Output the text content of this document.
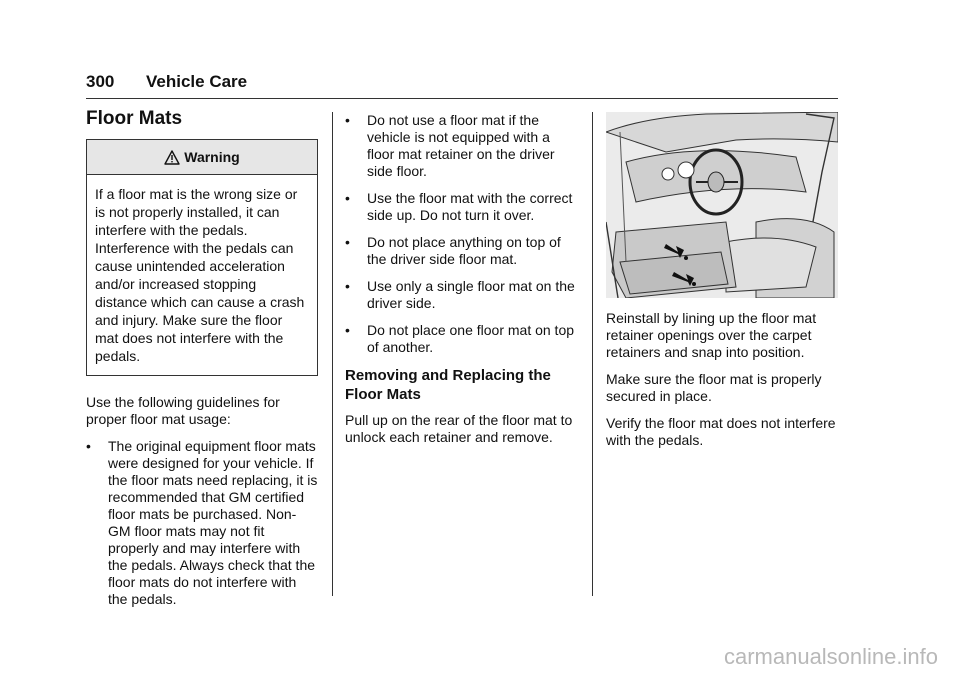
300 Vehicle Care
Floor Mats
Warning
If a floor mat is the wrong size or is not properly installed, it can interfere with the pedals. Interference with the pedals can cause unintended acceleration and/or increased stopping distance which can cause a crash and injury. Make sure the floor mat does not interfere with the pedals.

Use the following guidelines for proper floor mat usage:

• The original equipment floor mats were designed for your vehicle. If the floor mats need replacing, it is recommended that GM certified floor mats be purchased. Non-GM floor mats may not fit properly and may interfere with the pedals. Always check that the floor mats do not interfere with the pedals.
• Do not use a floor mat if the vehicle is not equipped with a floor mat retainer on the driver side floor.
• Use the floor mat with the correct side up. Do not turn it over.
• Do not place anything on top of the driver side floor mat.
• Use only a single floor mat on the driver side.
• Do not place one floor mat on top of another.
Removing and Replacing the Floor Mats

Pull up on the rear of the floor mat to unlock each retainer and remove.

Reinstall by lining up the floor mat retainer openings over the carpet retainers and snap into position.

Make sure the floor mat is properly secured in place.

Verify the floor mat does not interfere with the pedals.

carmanualsonline.info
